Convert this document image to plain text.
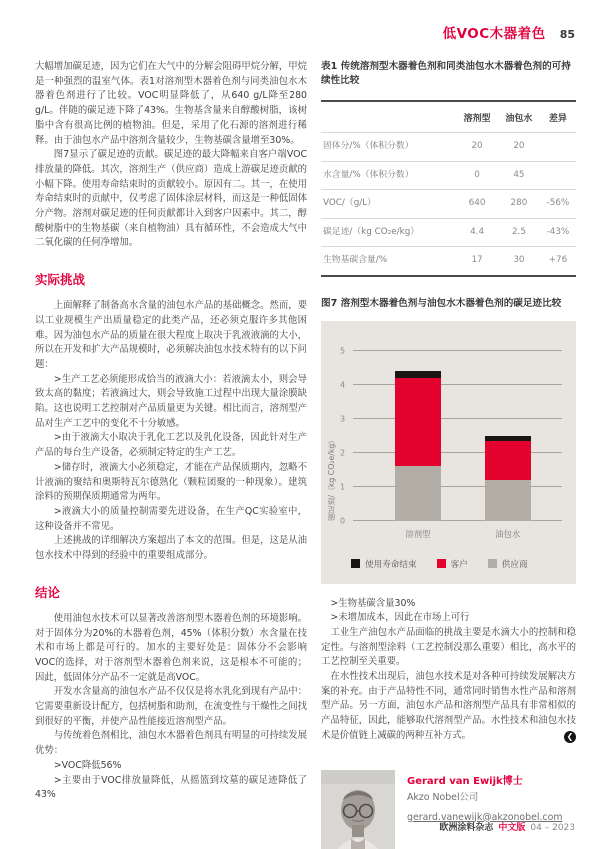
低VOC木器着色 85

大幅增加碳足迹，因为它们在大气中的分解会阻碍甲烷分解，甲烷是一种强烈的温室气体。表1对溶剂型木器着色剂与同类油包水木器着色剂进行了比较。VOC明显降低了，从640 g/L降至280 g/L。伴随的碳足迹下降了43%。生物基含量来自醇酸树脂，该树脂中含有很高比例的植物油。但是，采用了化石源的溶剂进行稀释。由于油包水产品中溶剂含量较少，生物基碳含量增至30%。

图7显示了碳足迹的贡献。碳足迹的最大降幅来自客户端VOC排放量的降低。其次，溶剂生产（供应商）造成上游碳足迹贡献的小幅下降。使用寿命结束时的贡献较小。原因有二。其一，在使用寿命结束时的贡献中，仅考虑了固体涂层材料，而这是一种低固体分产物。溶剂对碳足迹的任何贡献都计入到客户因素中。其二，醇酸树脂中的生物基碳（来自植物油）具有循环性，不会造成大气中二氧化碳的任何净增加。

实际挑战

上面解释了制备高水含量的油包水产品的基础概念。然而，要以工业规模生产出质量稳定的此类产品，还必须克服许多其他困难。因为油包水产品的质量在很大程度上取决于乳液液滴的大小，所以在开发和扩大产品规模时，必须解决油包水技术特有的以下问题：

>生产工艺必须能形成恰当的液滴大小：若液滴太小，则会导致太高的黏度；若液滴过大，则会导致施工过程中出现大量涂膜缺陷。这也说明工艺控制对产品质量更为关键。相比而言，溶剂型产品对生产工艺中的变化不十分敏感。

>由于液滴大小取决于乳化工艺以及乳化设备，因此针对生产产品的每台生产设备，必须制定特定的生产工艺。

>储存时，液滴大小必须稳定，才能在产品保质期内，忽略不计液滴的聚结和奥斯特瓦尔德熟化（颗粒团聚的一种现象）。建筑涂料的预期保质期通常为两年。

>液滴大小的质量控制需要先进设备，在生产QC实验室中，这种设备并不常见。

上述挑战的详细解决方案超出了本文的范围。但是，这是从油包水技术中得到的经验中的重要组成部分。

结论

使用油包水技术可以显著改善溶剂型木器着色剂的环境影响。对于固体分为20%的木器着色剂，45%（体积分数）水含量在技术和市场上都是可行的。加水的主要好处是：固体分不会影响VOC的选择，对于溶剂型木器着色剂来说，这是根本不可能的；因此，低固体分产品不一定就是高VOC。

开发水含量高的油包水产品不仅仅是将水乳化到现有产品中：它需要重新设计配方，包括树脂和助剂，在流变性与干燥性之间找到很好的平衡，并使产品性能接近溶剂型产品。

与传统着色剂相比，油包水木器着色剂具有明显的可持续发展优势：

>VOC降低56%

>主要由于VOC排放量降低，从摇篮到坟墓的碳足迹降低了43%

表1 传统溶剂型木器着色剂和同类油包水木器着色剂的可持续性比较

	溶剂型	油包水	差异
固体分/%（体积分数）	20	20	
水含量/%（体积分数）	0	45	
VOC/（g/L）	640	280	-56%
碳足迹/（kg CO₂e/kg）	4.4	2.5	-43%
生物基碳含量/%	17	30	+76

图7 溶剂型木器着色剂与油包水木器着色剂的碳足迹比较

碳足迹/（kg CO₂e/kg） 0
1
2
3
4
5
溶剂型	油包水
使用寿命结束	客户	供应商

>生物基碳含量30%

>未增加成本，因此在市场上可行

工业生产油包水产品面临的挑战主要是水滴大小的控制和稳定性。与溶剂型涂料（工艺控制没那么重要）相比，高水平的工艺控制至关重要。

在水性技术出现后，油包水技术是对各种可持续发展解决方案的补充。由于产品特性不同，通常同时销售水性产品和溶剂型产品。另一方面，油包水产品和溶剂型产品具有非常相似的产品特征，因此，能够取代溶剂型产品。水性技术和油包水技术是价值链上减碳的两种互补方式。	❮
Gerard van Ewijk博士
Akzo Nobel公司
gerard.vanewijk@akzonobel.com
欧洲涂料杂志 中文版 04 – 2023
